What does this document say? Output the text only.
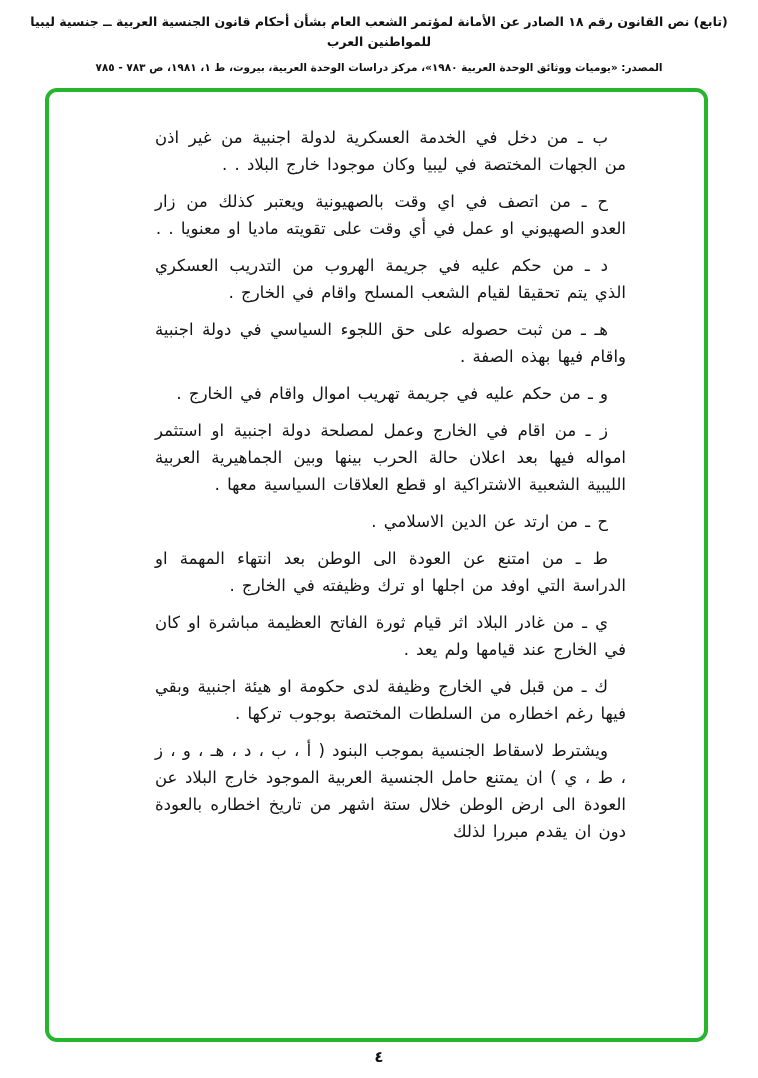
(تابع) نص القانون رقم ١٨ الصادر عن الأمانة لمؤتمر الشعب العام بشأن أحكام قانون الجنسية العربية ــ جنسية ليبيا للمواطنين العرب
المصدر: «يوميات ووثائق الوحدة العربية ١٩٨٠»، مركز دراسات الوحدة العربية، بيروت، ط ١، ١٩٨١، ص ٧٨٣ - ٧٨٥

ب ـ من دخل في الخدمة العسكرية لدولة اجنبية من غير اذن من الجهات المختصة في ليبيا وكان موجودا خارج البلاد . .

ح ـ من اتصف في اي وقت بالصهيونية ويعتبر كذلك من زار العدو الصهيوني او عمل في أي وقت على تقويته ماديا او معنويا . .

د ـ من حكم عليه في جريمة الهروب من التدريب العسكري الذي يتم تحقيقا لقيام الشعب المسلح واقام في الخارج .

هـ ـ من ثبت حصوله على حق اللجوء السياسي في دولة اجنبية واقام فيها بهذه الصفة .

و ـ من حكم عليه في جريمة تهريب اموال واقام في الخارج .

ز ـ من اقام في الخارج وعمل لمصلحة دولة اجنبية او استثمر امواله فيها بعد اعلان حالة الحرب بينها وبين الجماهيرية العربية الليبية الشعبية الاشتراكية او قطع العلاقات السياسية معها .

ح ـ من ارتد عن الدين الاسلامي .

ط ـ من امتنع عن العودة الى الوطن بعد انتهاء المهمة او الدراسة التي اوفد من اجلها او ترك وظيفته في الخارج .

ي ـ من غادر البلاد اثر قيام ثورة الفاتح العظيمة مباشرة او كان في الخارج عند قيامها ولم يعد .

ك ـ من قبل في الخارج وظيفة لدى حكومة او هيئة اجنبية وبقي فيها رغم اخطاره من السلطات المختصة بوجوب تركها .

ويشترط لاسقاط الجنسية بموجب البنود ( أ ، ب ، د ، هـ ، و ، ز ، ط ، ي ) ان يمتنع حامل الجنسية العربية الموجود خارج البلاد عن العودة الى ارض الوطن خلال ستة اشهر من تاريخ اخطاره بالعودة دون ان يقدم مبررا لذلك

٤
